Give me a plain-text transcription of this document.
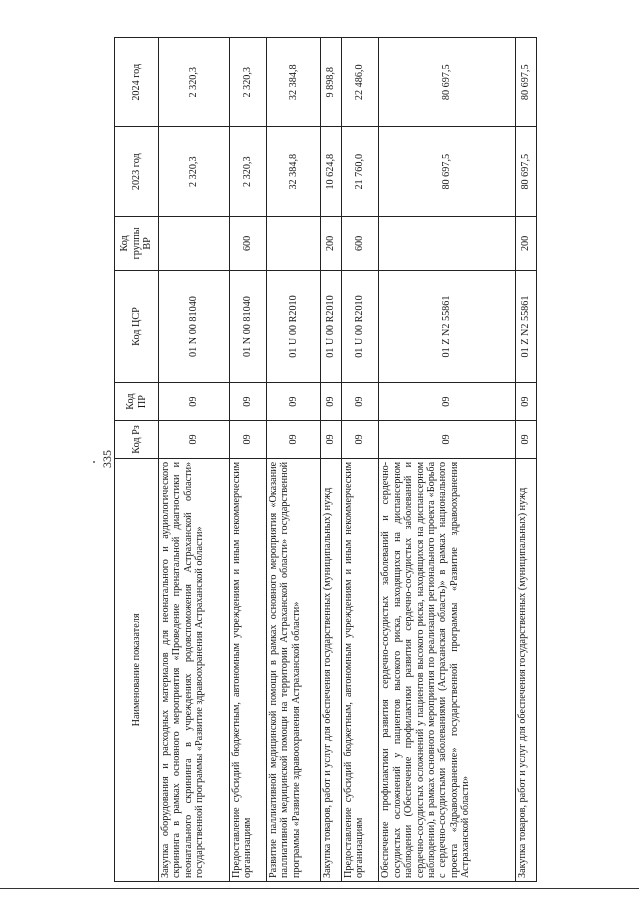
335
Наименование показателя	Код Рз	Код ПР	Код ЦСР	Код группы ВР	2023 год	2024 год
Закупка оборудования и расходных материалов для неонатального и аудиологического скрининга в рамках основного мероприятия «Проведение пренатальной диагностики и неонатального скрининга в учреждениях родовспоможения Астраханской области» государственной программы «Развитие здравоохранения Астраханской области»	09	09	01 N 00 81040		2 320,3	2 320,3
Предоставление субсидий бюджетным, автономным учреждениям и иным некоммерческим организациям	09	09	01 N 00 81040	600	2 320,3	2 320,3
Развитие паллиативной медицинской помощи в рамках основного мероприятия «Оказание паллиативной медицинской помощи на территории Астраханской области» государственной программы «Развитие здравоохранения Астраханской области»	09	09	01 U 00 R2010		32 384,8	32 384,8
Закупка товаров, работ и услуг для обеспечения государственных (муниципальных) нужд	09	09	01 U 00 R2010	200	10 624,8	9 898,8
Предоставление субсидий бюджетным, автономным учреждениям и иным некоммерческим организациям	09	09	01 U 00 R2010	600	21 760,0	22 486,0
Обеспечение профилактики развития сердечно-сосудистых заболеваний и сердечно-сосудистых осложнений у пациентов высокого риска, находящихся на диспансерном наблюдении (Обеспечение профилактики развития сердечно-сосудистых заболеваний и сердечно-сосудистых осложнений у пациентов высокого риска, находящихся на диспансерном наблюдении), в рамках основного мероприятия по реализации регионального проекта «Борьба с сердечно-сосудистыми заболеваниями (Астраханская область)» в рамках национального проекта «Здравоохранение» государственной программы «Развитие здравоохранения Астраханской области»	09	09	01 Z N2 55861		80 697,5	80 697,5
Закупка товаров, работ и услуг для обеспечения государственных (муниципальных) нужд	09	09	01 Z N2 55861	200	80 697,5	80 697,5
